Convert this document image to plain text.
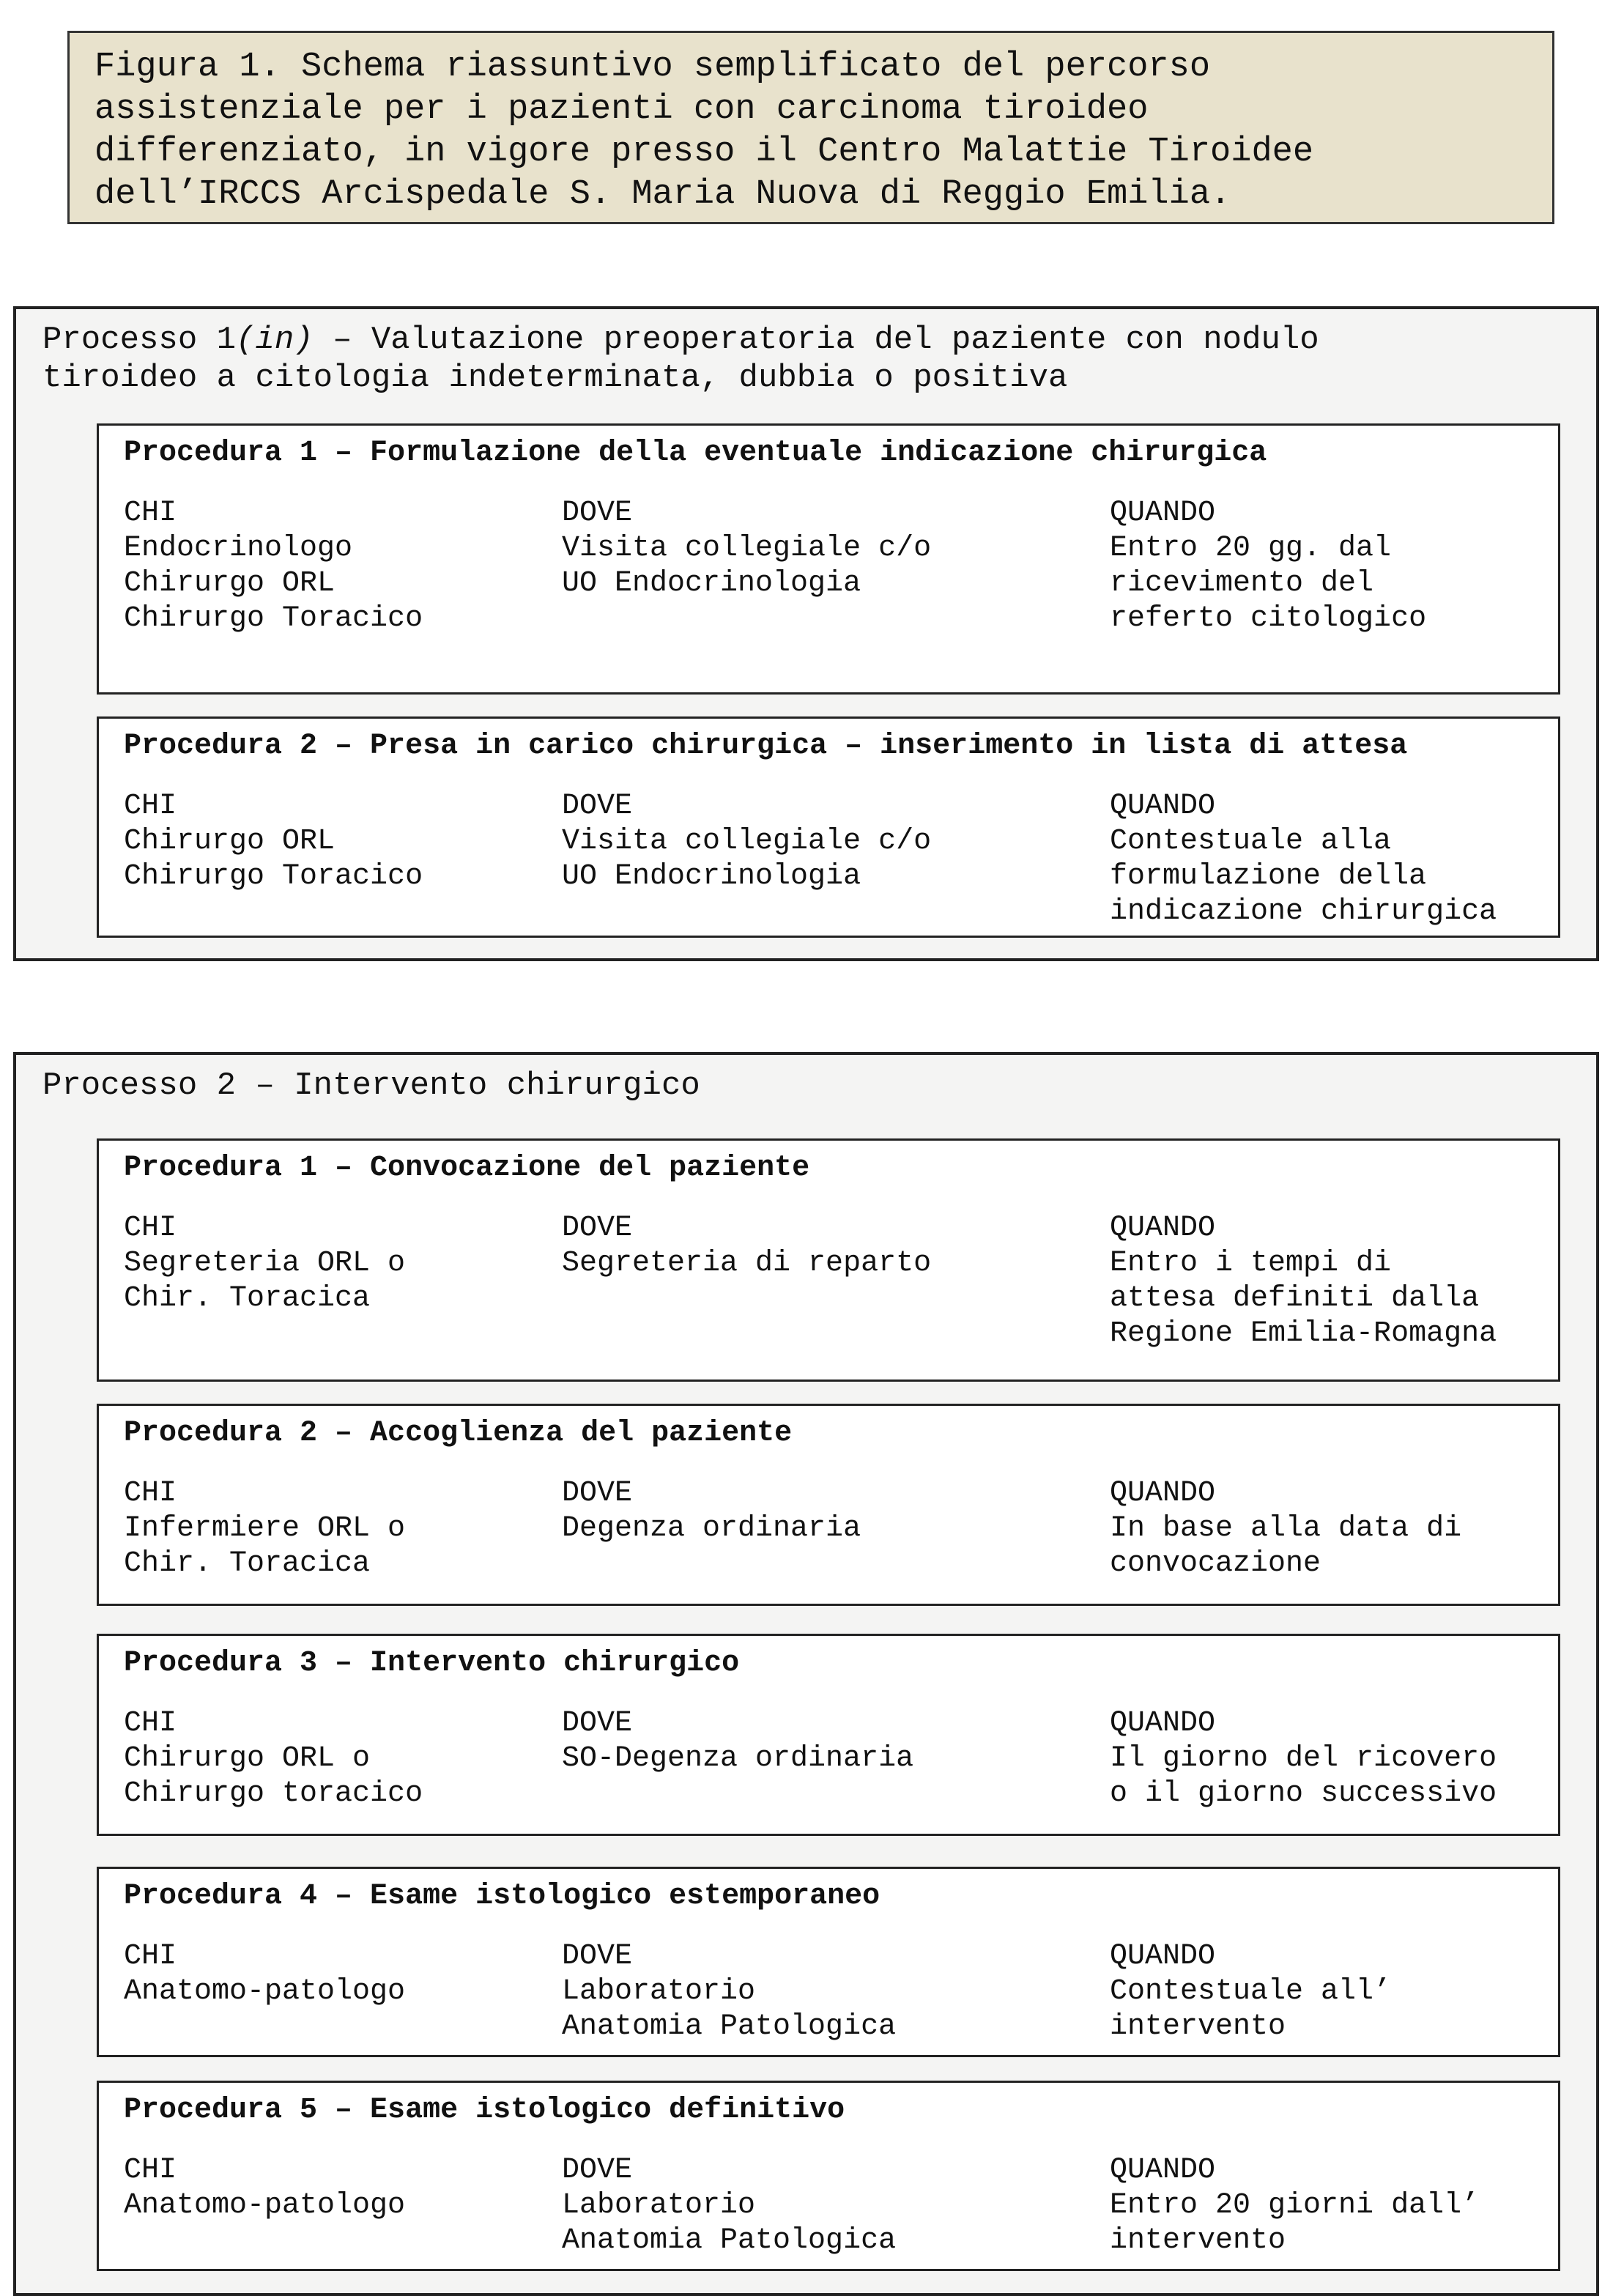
Figura 1. Schema riassuntivo semplificato del percorso
assistenziale per i pazienti con carcinoma tiroideo
differenziato, in vigore presso il Centro Malattie Tiroidee
dell’IRCCS Arcispedale S. Maria Nuova di Reggio Emilia.
Processo 1(in) – Valutazione preoperatoria del paziente con nodulo
tiroideo a citologia indeterminata, dubbia o positiva
Procedura 1 – Formulazione della eventuale indicazione chirurgica
CHI
Endocrinologo
Chirurgo ORL
Chirurgo Toracico
DOVE
Visita collegiale c/o
UO Endocrinologia
QUANDO
Entro 20 gg. dal
ricevimento del
referto citologico
Procedura 2 – Presa in carico chirurgica – inserimento in lista di attesa
CHI
Chirurgo ORL
Chirurgo Toracico
DOVE
Visita collegiale c/o
UO Endocrinologia
QUANDO
Contestuale alla
formulazione della
indicazione chirurgica
Processo 2 – Intervento chirurgico
Procedura 1 – Convocazione del paziente
CHI
Segreteria ORL o
Chir. Toracica
DOVE
Segreteria di reparto
QUANDO
Entro i tempi di
attesa definiti dalla
Regione Emilia-Romagna
Procedura 2 – Accoglienza del paziente
CHI
Infermiere ORL o
Chir. Toracica
DOVE
Degenza ordinaria
QUANDO
In base alla data di
convocazione
Procedura 3 – Intervento chirurgico
CHI
Chirurgo ORL o
Chirurgo toracico
DOVE
SO-Degenza ordinaria
QUANDO
Il giorno del ricovero
o il giorno successivo
Procedura 4 – Esame istologico estemporaneo
CHI
Anatomo-patologo
DOVE
Laboratorio
Anatomia Patologica
QUANDO
Contestuale all’
intervento
Procedura 5 – Esame istologico definitivo
CHI
Anatomo-patologo
DOVE
Laboratorio
Anatomia Patologica
QUANDO
Entro 20 giorni dall’
intervento
